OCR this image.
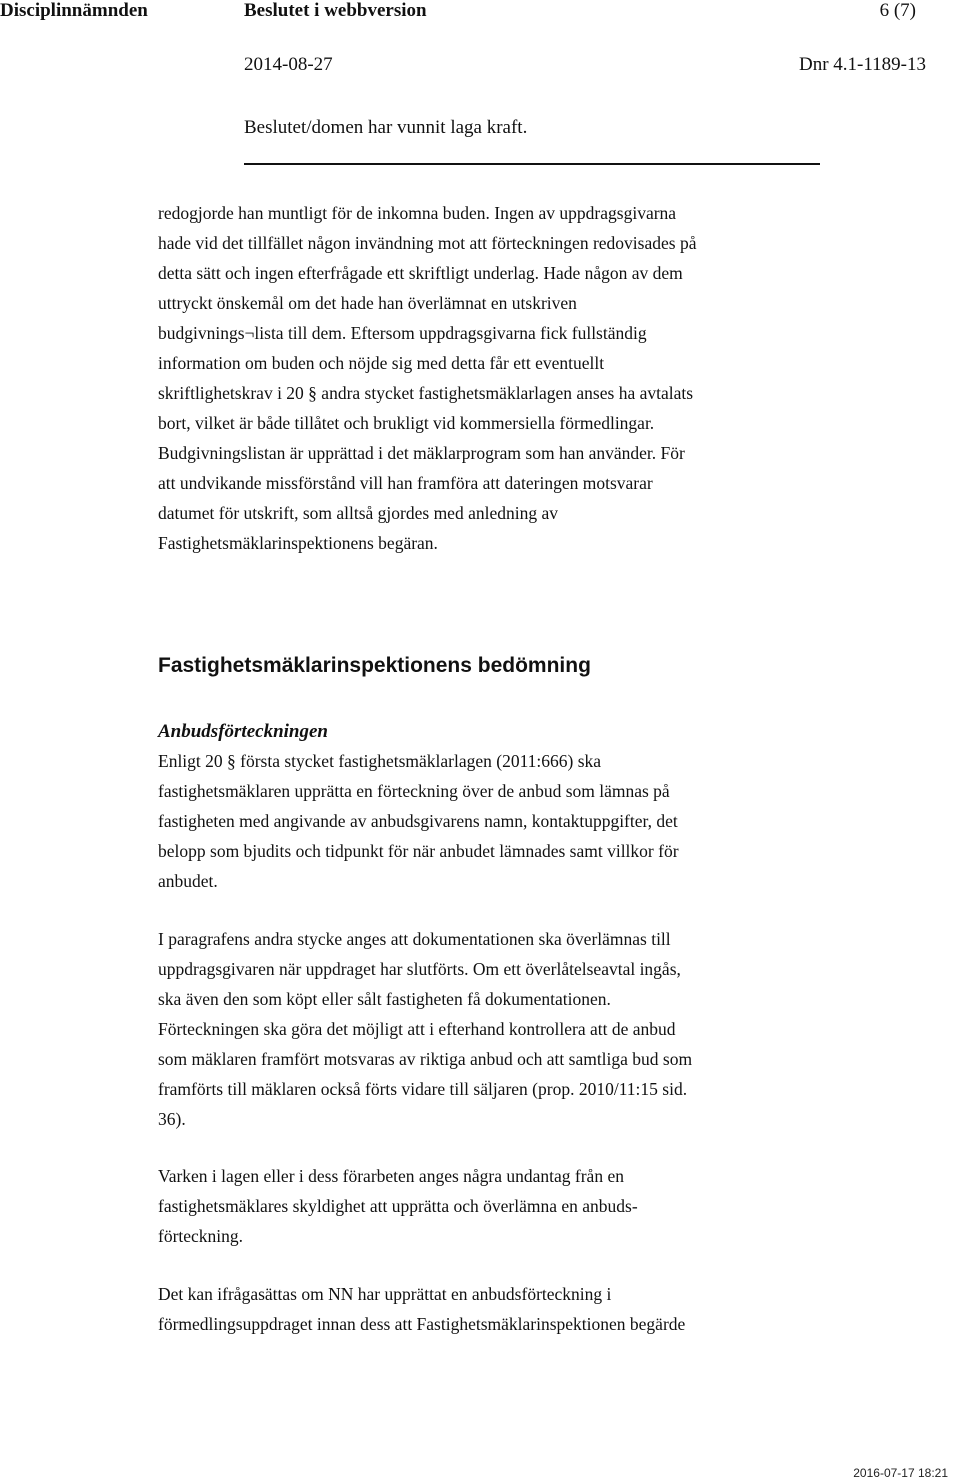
Disciplinnämnden	Beslutet i webbversion	6 (7)
2014-08-27	Dnr 4.1-1189-13
Beslutet/domen har vunnit laga kraft.
redogjorde han muntligt för de inkomna buden. Ingen av uppdragsgivarna
hade vid det tillfället någon invändning mot att förteckningen redovisades på
detta sätt och ingen efterfrågade ett skriftligt underlag. Hade någon av dem
uttryckt önskemål om det hade han överlämnat en utskriven
budgivnings¬lista till dem. Eftersom uppdragsgivarna fick fullständig
information om buden och nöjde sig med detta får ett eventuellt
skriftlighetskrav i 20 § andra stycket fastighetsmäklarlagen anses ha avtalats
bort, vilket är både tillåtet och brukligt vid kommersiella förmedlingar.
Budgivningslistan är upprättad i det mäklarprogram som han använder. För
att undvikande missförstånd vill han framföra att dateringen motsvarar
datumet för utskrift, som alltså gjordes med anledning av
Fastighetsmäklarinspektionens begäran.
Fastighetsmäklarinspektionens bedömning
Anbudsförteckningen
Enligt 20 § första stycket fastighetsmäklarlagen (2011:666) ska
fastighetsmäklaren upprätta en förteckning över de anbud som lämnas på
fastigheten med angivande av anbudsgivarens namn, kontaktuppgifter, det
belopp som bjudits och tidpunkt för när anbudet lämnades samt villkor för
anbudet.
I paragrafens andra stycke anges att dokumentationen ska överlämnas till
uppdragsgivaren när uppdraget har slutförts. Om ett överlåtelseavtal ingås,
ska även den som köpt eller sålt fastigheten få dokumentationen.
Förteckningen ska göra det möjligt att i efterhand kontrollera att de anbud
som mäklaren framfört motsvaras av riktiga anbud och att samtliga bud som
framförts till mäklaren också förts vidare till säljaren (prop. 2010/11:15 sid.
36).
Varken i lagen eller i dess förarbeten anges några undantag från en
fastighetsmäklares skyldighet att upprätta och överlämna en anbuds-
förteckning.
Det kan ifrågasättas om NN har upprättat en anbudsförteckning i
förmedlingsuppdraget innan dess att Fastighetsmäklarinspektionen begärde
2016-07-17 18:21
